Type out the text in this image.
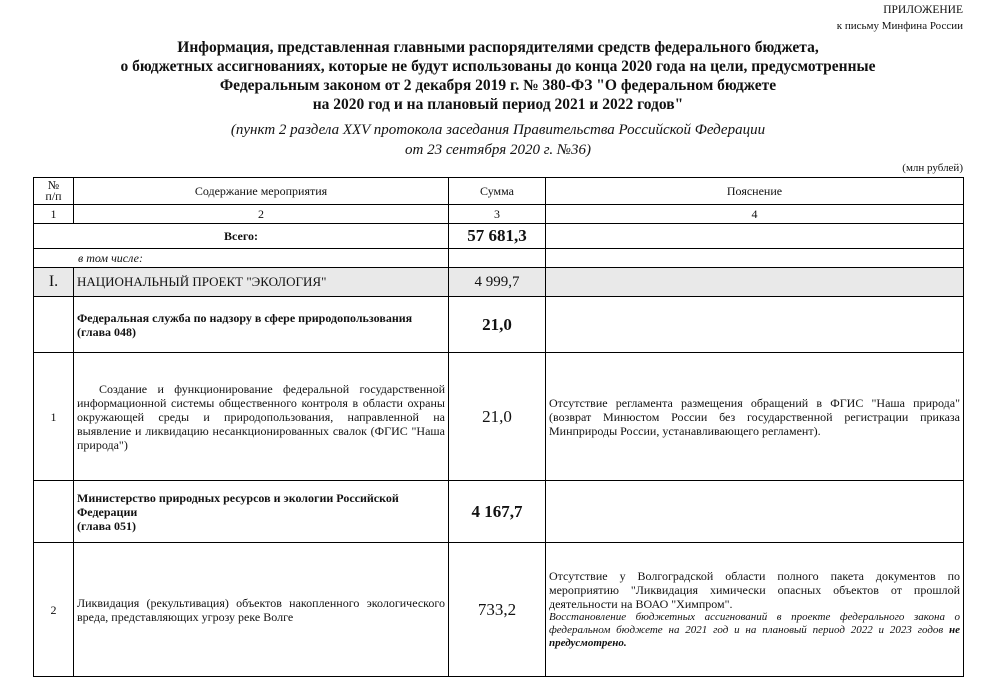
ПРИЛОЖЕНИЕ
к письму Минфина России
Информация, представленная главными распорядителями средств федерального бюджета,
о бюджетных ассигнованиях, которые не будут использованы до конца 2020 года на цели, предусмотренные
Федеральным законом от 2 декабря 2019 г. № 380-ФЗ "О федеральном бюджете
на 2020 год и на плановый период 2021 и 2022 годов"
(пункт 2 раздела XXV протокола заседания Правительства Российской Федерации
от 23 сентября 2020 г. №36)
(млн рублей)
№
п/п	Содержание мероприятия	Сумма	Пояснение
1	2	3	4
Всего:		57 681,3	
в том числе:			
I.	НАЦИОНАЛЬНЫЙ ПРОЕКТ "ЭКОЛОГИЯ"	4 999,7	

	Федеральная служба по надзору в сфере природопользования
(глава 048)	21,0	
1	Создание и функционирование федеральной государственной информационной системы общественного контроля в области охраны окружающей среды и природопользования, направленной на выявление и ликвидацию несанкционированных свалок (ФГИС "Наша природа")	21,0	Отсутствие регламента размещения обращений в ФГИС "Наша природа" (возврат Минюстом России без государственной регистрации приказа Минприроды России, устанавливающего регламент).

	Министерство природных ресурсов и экологии Российской Федерации
(глава 051)	4 167,7	
2	Ликвидация (рекультивация) объектов накопленного экологического вреда, представляющих угрозу реке Волге	733,2	Отсутствие у Волгоградской области полного пакета документов по мероприятию "Ликвидация химически опасных объектов от прошлой деятельности на ВОАО "Химпром".
Восстановление бюджетных ассигнований в проекте федерального закона о федеральном бюджете на 2021 год и на плановый период 2022 и 2023 годов не предусмотрено.
